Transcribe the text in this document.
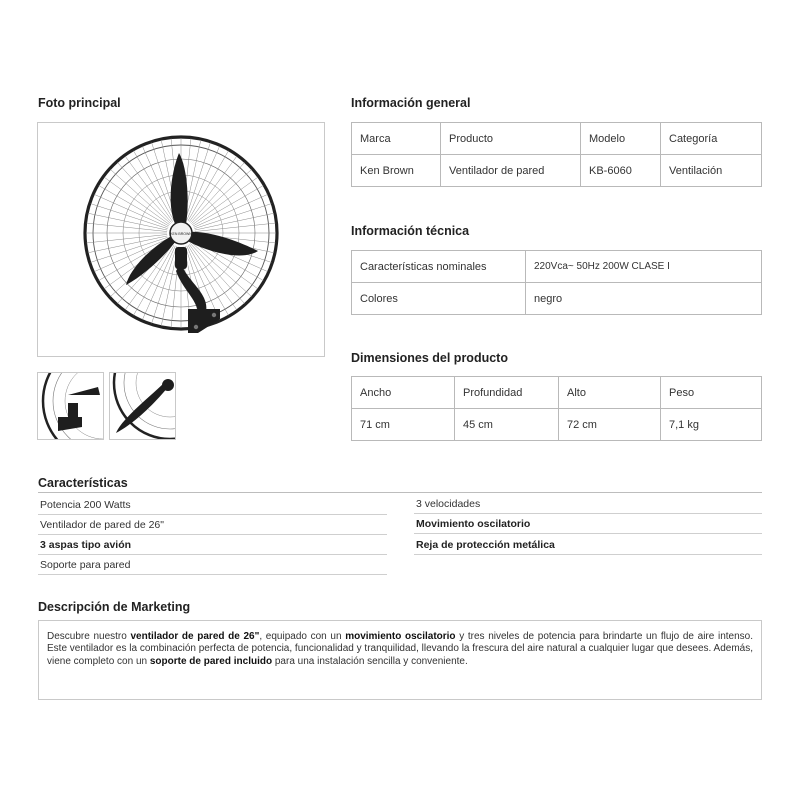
Foto principal
KEN BROWN
Información general
Marca	Producto	Modelo	Categoría
Ken Brown	Ventilador de pared	KB-6060	Ventilación
Información técnica
Características nominales	220Vca~ 50Hz 200W CLASE I
Colores	negro
Dimensiones del producto
Ancho	Profundidad	Alto	Peso
71 cm	45 cm	72 cm	7,1 kg
Características
Potencia 200 Watts
Ventilador de pared de 26"
3 aspas tipo avión
Soporte para pared
3 velocidades
Movimiento oscilatorio
Reja de protección metálica
Descripción de Marketing
Descubre nuestro ventilador de pared de 26", equipado con un movimiento oscilatorio y tres niveles de potencia para brindarte un flujo de aire intenso. Este ventilador es la combinación perfecta de potencia, funcionalidad y tranquilidad, llevando la frescura del aire natural a cualquier lugar que desees. Además, viene completo con un soporte de pared incluido para una instalación sencilla y conveniente.
